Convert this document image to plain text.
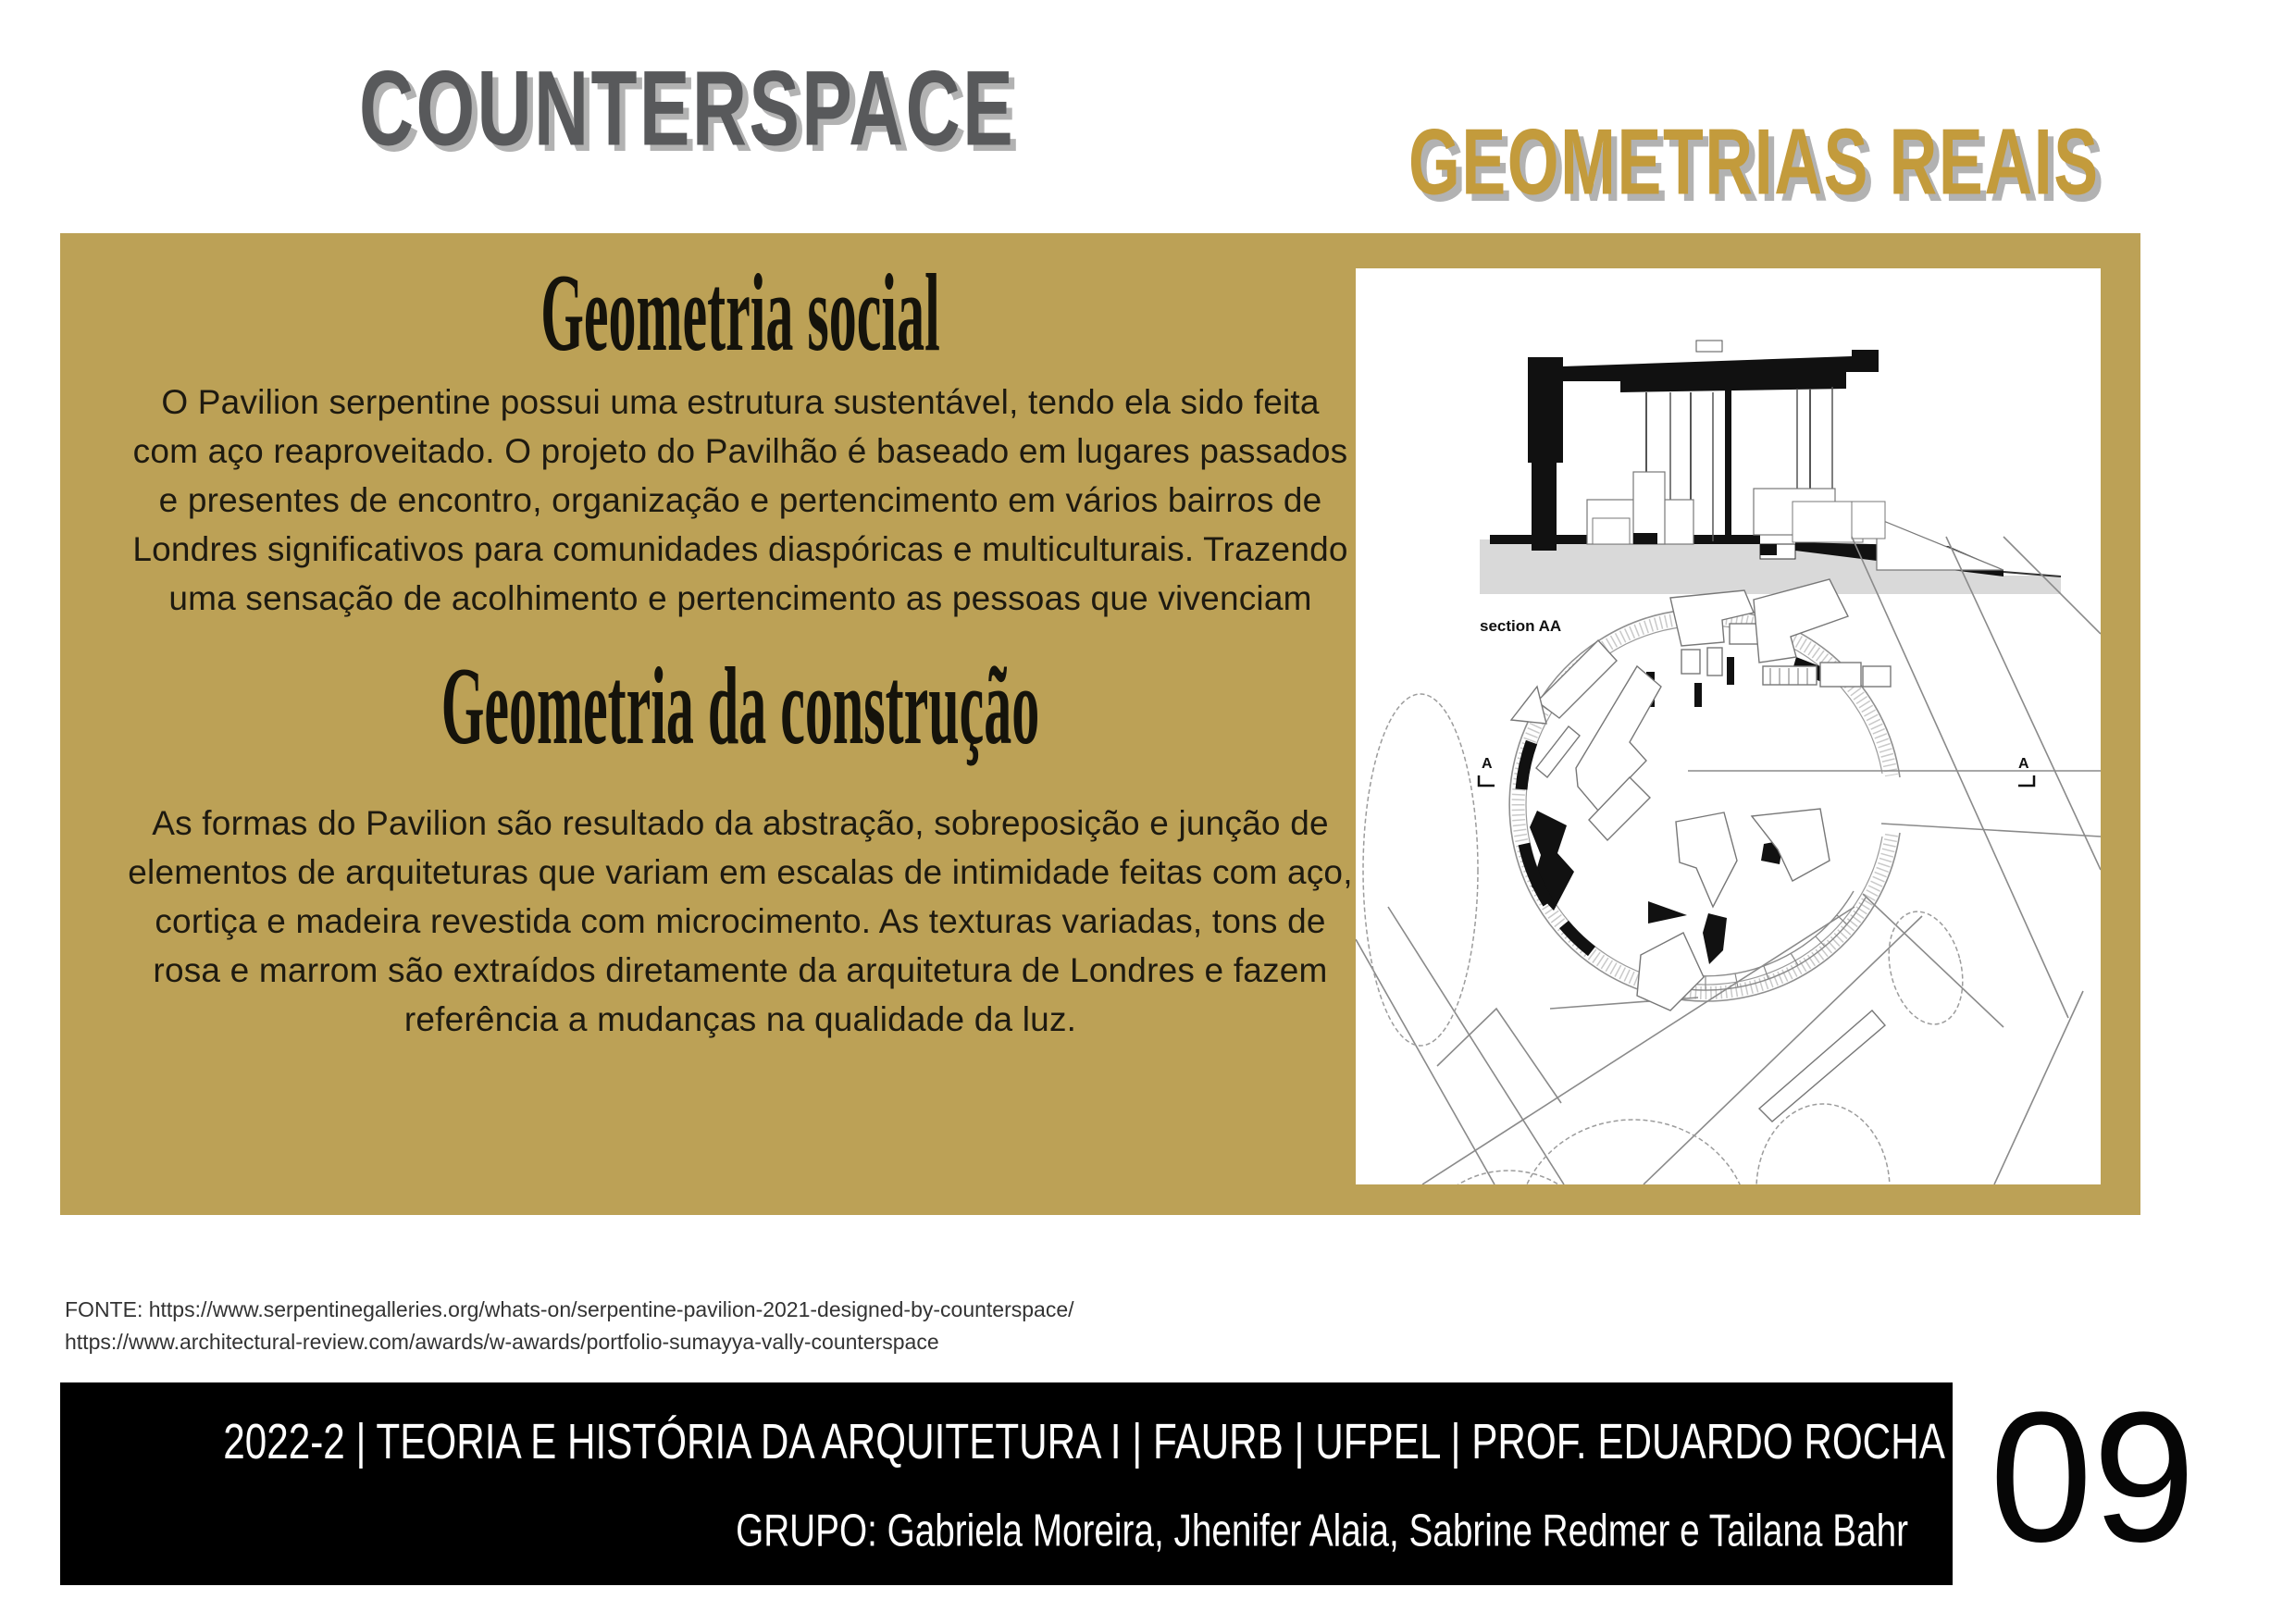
COUNTERSPACE	GEOMETRIAS REAIS
Geometria social

O Pavilion serpentine possui uma estrutura sustentável, tendo ela sido feita com aço reaproveitado. O projeto do Pavilhão é baseado em lugares passados e presentes de encontro, organização e pertencimento em vários bairros de Londres significativos para comunidades diaspóricas e multiculturais. Trazendo uma sensação de acolhimento e pertencimento as pessoas que vivenciam

Geometria da construção

As formas do Pavilion são resultado da abstração, sobreposição e junção de elementos de arquiteturas que variam em escalas de intimidade feitas com aço, cortiça e madeira revestida com microcimento. As texturas variadas, tons de rosa e marrom são extraídos diretamente da arquitetura de Londres e fazem referência a mudanças na qualidade da luz.

section AA
A	A
FONTE: https://www.serpentinegalleries.org/whats-on/serpentine-pavilion-2021-designed-by-counterspace/
https://www.architectural-review.com/awards/w-awards/portfolio-sumayya-vally-counterspace
2022-2 | TEORIA E HISTÓRIA DA ARQUITETURA I | FAURB | UFPEL | PROF. EDUARDO ROCHA
GRUPO: Gabriela Moreira, Jhenifer Alaia, Sabrine Redmer e Tailana Bahr 09
